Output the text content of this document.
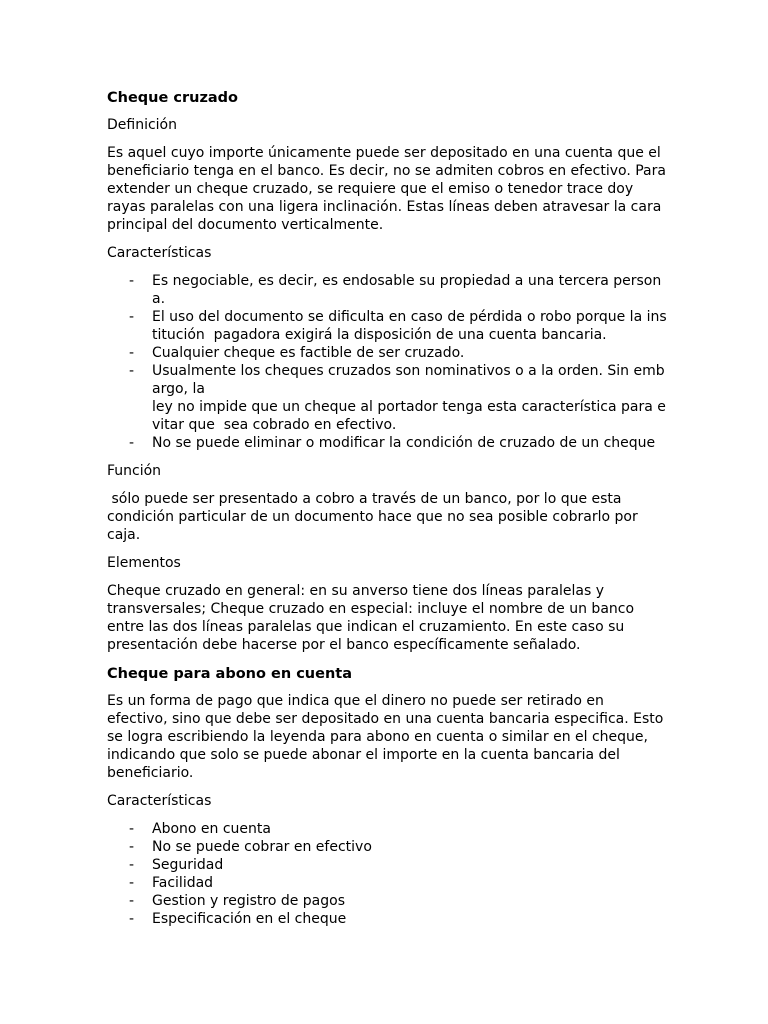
Cheque cruzado
Definición
Es aquel cuyo importe únicamente puede ser depositado en una cuenta que el beneficiario tenga en el banco. Es decir, no se admiten cobros en efectivo. Para extender un cheque cruzado, se requiere que el emiso o tenedor trace doy rayas paralelas con una ligera inclinación. Estas líneas deben atravesar la cara principal del documento verticalmente.
Características
- Es negociable, es decir, es endosable su propiedad a una tercera person
a.
- El uso del documento se dificulta en caso de pérdida o robo porque la ins
titución  pagadora exigirá la disposición de una cuenta bancaria.
- Cualquier cheque es factible de ser cruzado.
- Usualmente los cheques cruzados son nominativos o a la orden. Sin emb
argo, la
ley no impide que un cheque al portador tenga esta característica para e
vitar que  sea cobrado en efectivo.
- No se puede eliminar o modificar la condición de cruzado de un cheque
Función
sólo puede ser presentado a cobro a través de un banco, por lo que esta condición particular de un documento hace que no sea posible cobrarlo por caja.
Elementos
Cheque cruzado en general: en su anverso tiene dos líneas paralelas y transversales; Cheque cruzado en especial: incluye el nombre de un banco entre las dos líneas paralelas que indican el cruzamiento. En este caso su presentación debe hacerse por el banco específicamente señalado.
Cheque para abono en cuenta
Es un forma de pago que indica que el dinero no puede ser retirado en efectivo, sino que debe ser depositado en una cuenta bancaria especifica. Esto se logra escribiendo la leyenda para abono en cuenta o similar en el cheque, indicando que solo se puede abonar el importe en la cuenta bancaria del beneficiario.
Características
- Abono en cuenta
- No se puede cobrar en efectivo
- Seguridad
- Facilidad
- Gestion y registro de pagos
- Especificación en el cheque
